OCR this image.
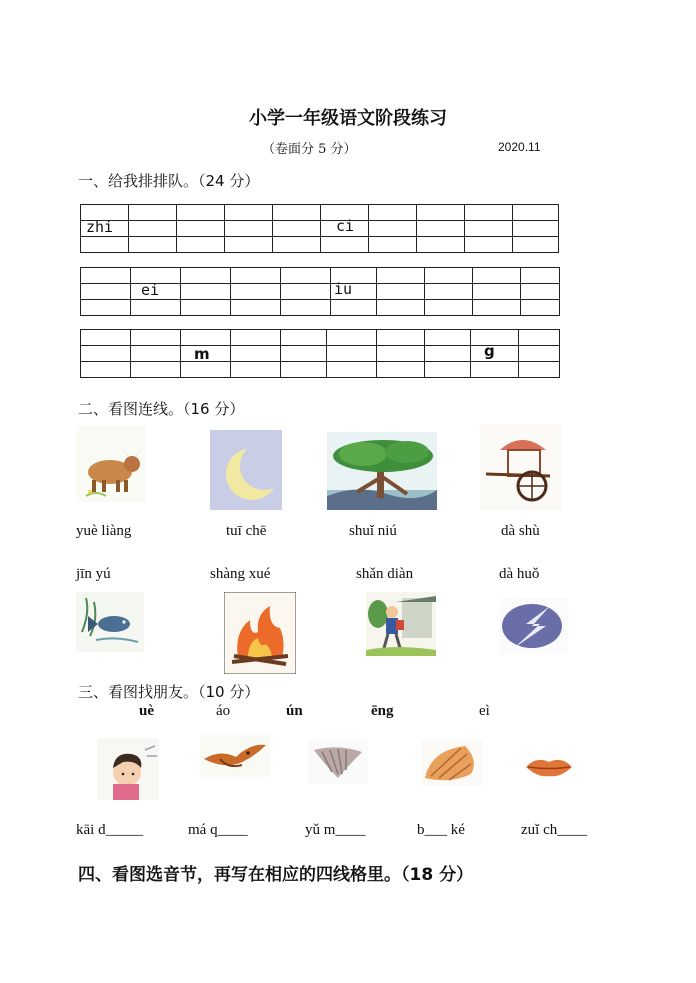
小学一年级语文阶段练习
（卷面分 5 分）	2020.11
一、给我排排队。（24 分）
zhi	ci
ei	iu
m	g
二、看图连线。（16 分）
yuè liàng	tuī chē	shuǐ niú	dà shù
jīn yú	shàng xué	shǎn diàn	dà huǒ
三、看图找朋友。（10 分）
uè	áo	ún	ēng	eì
kāi d_____	má q____	yǔ m____	b___ ké	zuǐ ch____
四、看图选音节，再写在相应的四线格里。（18 分）
